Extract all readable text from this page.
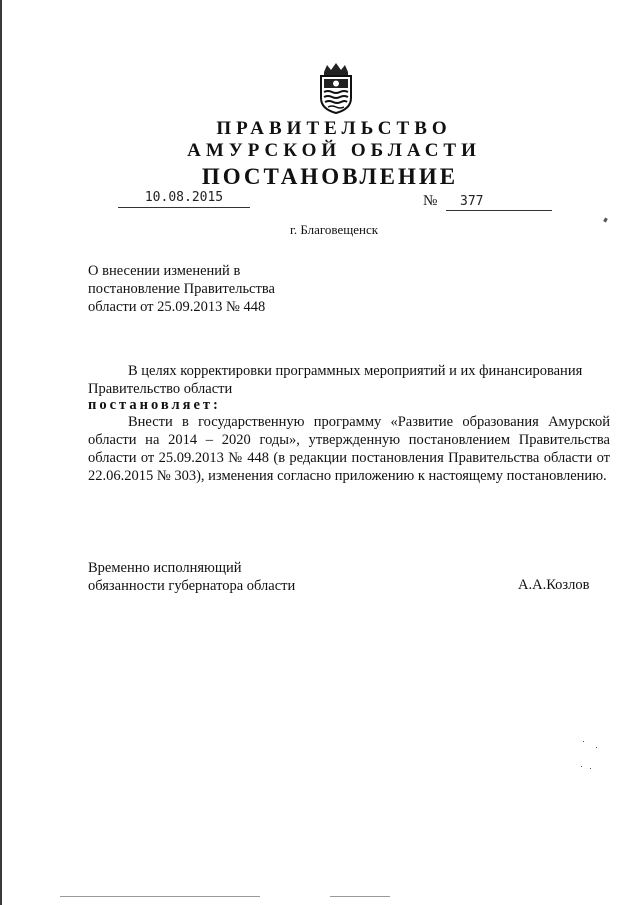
ПРАВИТЕЛЬСТВО
АМУРСКОЙ ОБЛАСТИ
ПОСТАНОВЛЕНИЕ
10.08.2015	№	377
г. Благовещенск
О внесении изменений в
постановление Правительства
области от 25.09.2013 № 448
В целях корректировки программных мероприятий и их финансирования
Правительство области
постановляет:
Внести в государственную программу «Развитие образования Амурской области на 2014 – 2020 годы», утвержденную постановлением Правительства области от 25.09.2013 № 448 (в редакции постановления Правительства области от 22.06.2015 № 303), изменения согласно приложению к настоящему постановлению.
Временно исполняющий
обязанности губернатора области	А.А.Козлов
